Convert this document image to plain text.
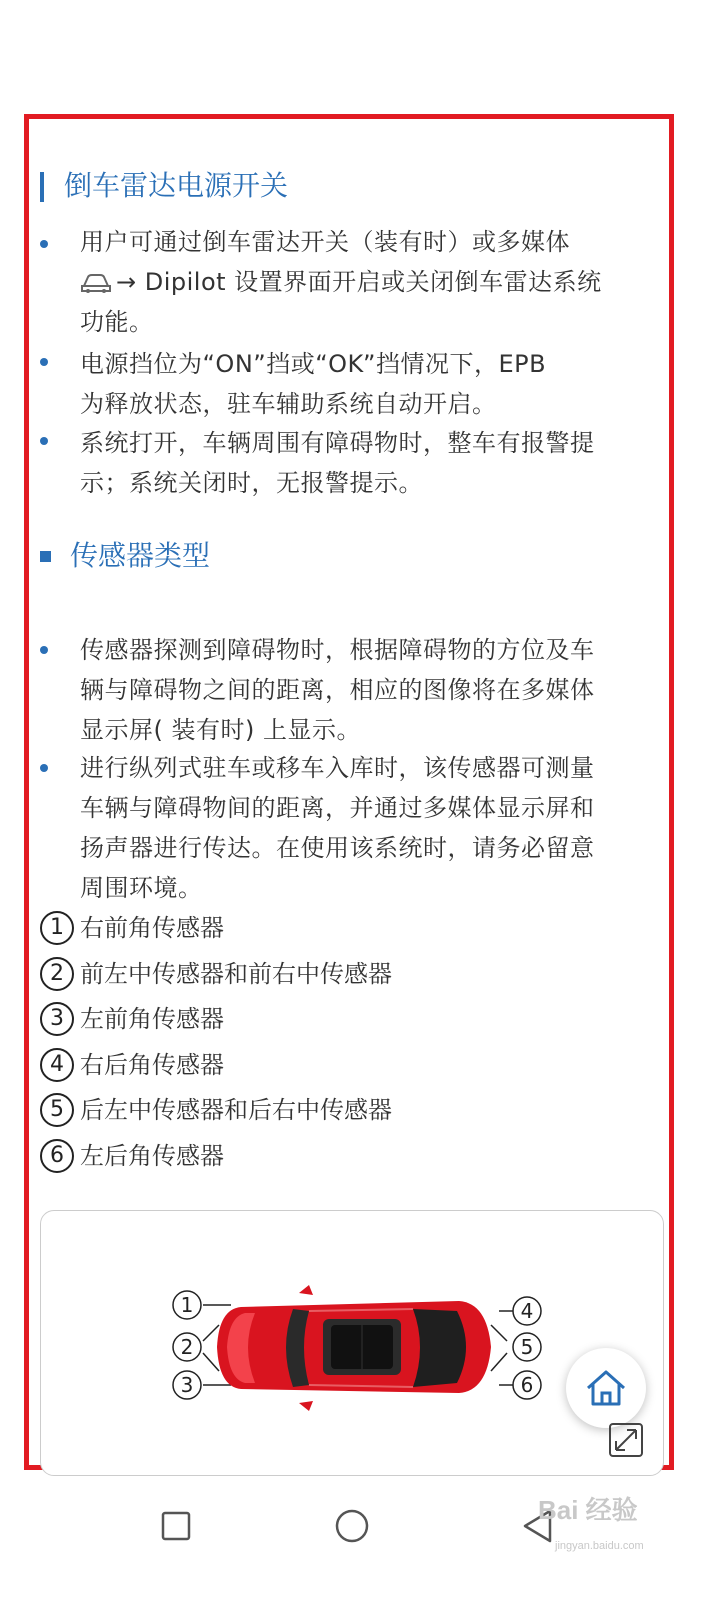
倒车雷达电源开关
用户可通过倒车雷达开关（装有时）或多媒体
→ Dipilot 设置界面开启或关闭倒车雷达系统
功能。
电源挡位为“ON”挡或“OK”挡情况下，EPB
为释放状态，驻车辅助系统自动开启。
系统打开，车辆周围有障碍物时，整车有报警提
示；系统关闭时，无报警提示。
传感器类型
传感器探测到障碍物时，根据障碍物的方位及车
辆与障碍物之间的距离，相应的图像将在多媒体
显示屏( 装有时) 上显示。
进行纵列式驻车或移车入库时，该传感器可测量
车辆与障碍物间的距离，并通过多媒体显示屏和
扬声器进行传达。在使用该系统时，请务必留意
周围环境。
1 右前角传感器
2 前左中传感器和前右中传感器
3 左前角传感器
4 右后角传感器
5 后左中传感器和后右中传感器
6 左后角传感器
1
2
3
4
5
6
Bai 经验
jingyan.baidu.com
